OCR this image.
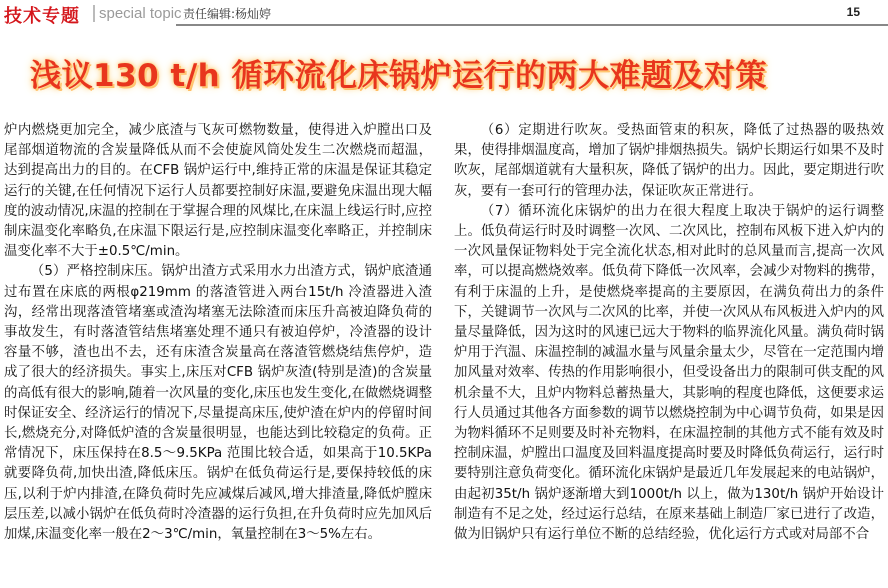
技术专题	special topic 责任编辑:杨灿婷	15
浅议130 t/h 循环流化床锅炉运行的两大难题及对策

炉内燃烧更加完全，减少底渣与飞灰可燃物数量，使得进入炉膛出口及尾部烟道物流的含炭量降低从而不会使旋风筒处发生二次燃烧而超温，达到提高出力的目的。在CFB 锅炉运行中,维持正常的床温是保证其稳定运行的关键,在任何情况下运行人员都要控制好床温,要避免床温出现大幅度的波动情况,床温的控制在于掌握合理的风煤比,在床温上线运行时,应控制床温变化率略负,在床温下限运行是,应控制床温变化率略正，并控制床温变化率不大于±0.5℃/min。

（5）严格控制床压。锅炉出渣方式采用水力出渣方式，锅炉底渣通过布置在床底的两根φ219mm 的落渣管进入两台15t/h 冷渣器进入渣沟，经常出现落渣管堵塞或渣沟堵塞无法除渣而床压升高被迫降负荷的事故发生，有时落渣管结焦堵塞处理不通只有被迫停炉，冷渣器的设计容量不够，渣也出不去，还有床渣含炭量高在落渣管燃烧结焦停炉，造成了很大的经济损失。事实上,床压对CFB 锅炉灰渣(特别是渣)的含炭量的高低有很大的影响,随着一次风量的变化,床压也发生变化,在做燃烧调整时保证安全、经济运行的情况下,尽量提高床压,使炉渣在炉内的停留时间长,燃烧充分,对降低炉渣的含炭量很明显，也能达到比较稳定的负荷。正常情况下，床压保持在8.5～9.5KPa 范围比较合适，如果高于10.5KPa 就要降负荷,加快出渣,降低床压。锅炉在低负荷运行是,要保持较低的床压,以利于炉内排渣,在降负荷时先应减煤后减风,增大排渣量,降低炉膛床层压差,以减小锅炉在低负荷时冷渣器的运行负担,在升负荷时应先加风后加煤,床温变化率一般在2～3℃/min，氧量控制在3～5%左右。

（6）定期进行吹灰。受热面管束的积灰，降低了过热器的吸热效果，使得排烟温度高，增加了锅炉排烟热损失。锅炉长期运行如果不及时吹灰，尾部烟道就有大量积灰，降低了锅炉的出力。因此，要定期进行吹灰，要有一套可行的管理办法，保证吹灰正常进行。

（7）循环流化床锅炉的出力在很大程度上取决于锅炉的运行调整上。低负荷运行时及时调整一次风、二次风比，控制布风板下进入炉内的一次风量保证物料处于完全流化状态,相对此时的总风量而言,提高一次风率，可以提高燃烧效率。低负荷下降低一次风率，会减少对物料的携带，有利于床温的上升，是使燃烧率提高的主要原因，在满负荷出力的条件下，关键调节一次风与二次风的比率，并使一次风从布风板进入炉内的风量尽量降低，因为这时的风速已远大于物料的临界流化风量。满负荷时锅炉用于汽温、床温控制的减温水量与风量余量太少，尽管在一定范围内增加风量对效率、传热的作用影响很小，但受设备出力的限制可供支配的风机余量不大，且炉内物料总蓄热量大，其影响的程度也降低，这便要求运行人员通过其他各方面参数的调节以燃烧控制为中心调节负荷，如果是因为物料循环不足则要及时补充物料，在床温控制的其他方式不能有效及时控制床温，炉膛出口温度及回料温度提高时要及时降低负荷运行，运行时要特别注意负荷变化。循环流化床锅炉是最近几年发展起来的电站锅炉，由起初35t/h 锅炉逐渐增大到1000t/h 以上，做为130t/h 锅炉开始设计制造有不足之处，经过运行总结，在原来基础上制造厂家已进行了改造，做为旧锅炉只有运行单位不断的总结经验，优化运行方式或对局部不合
